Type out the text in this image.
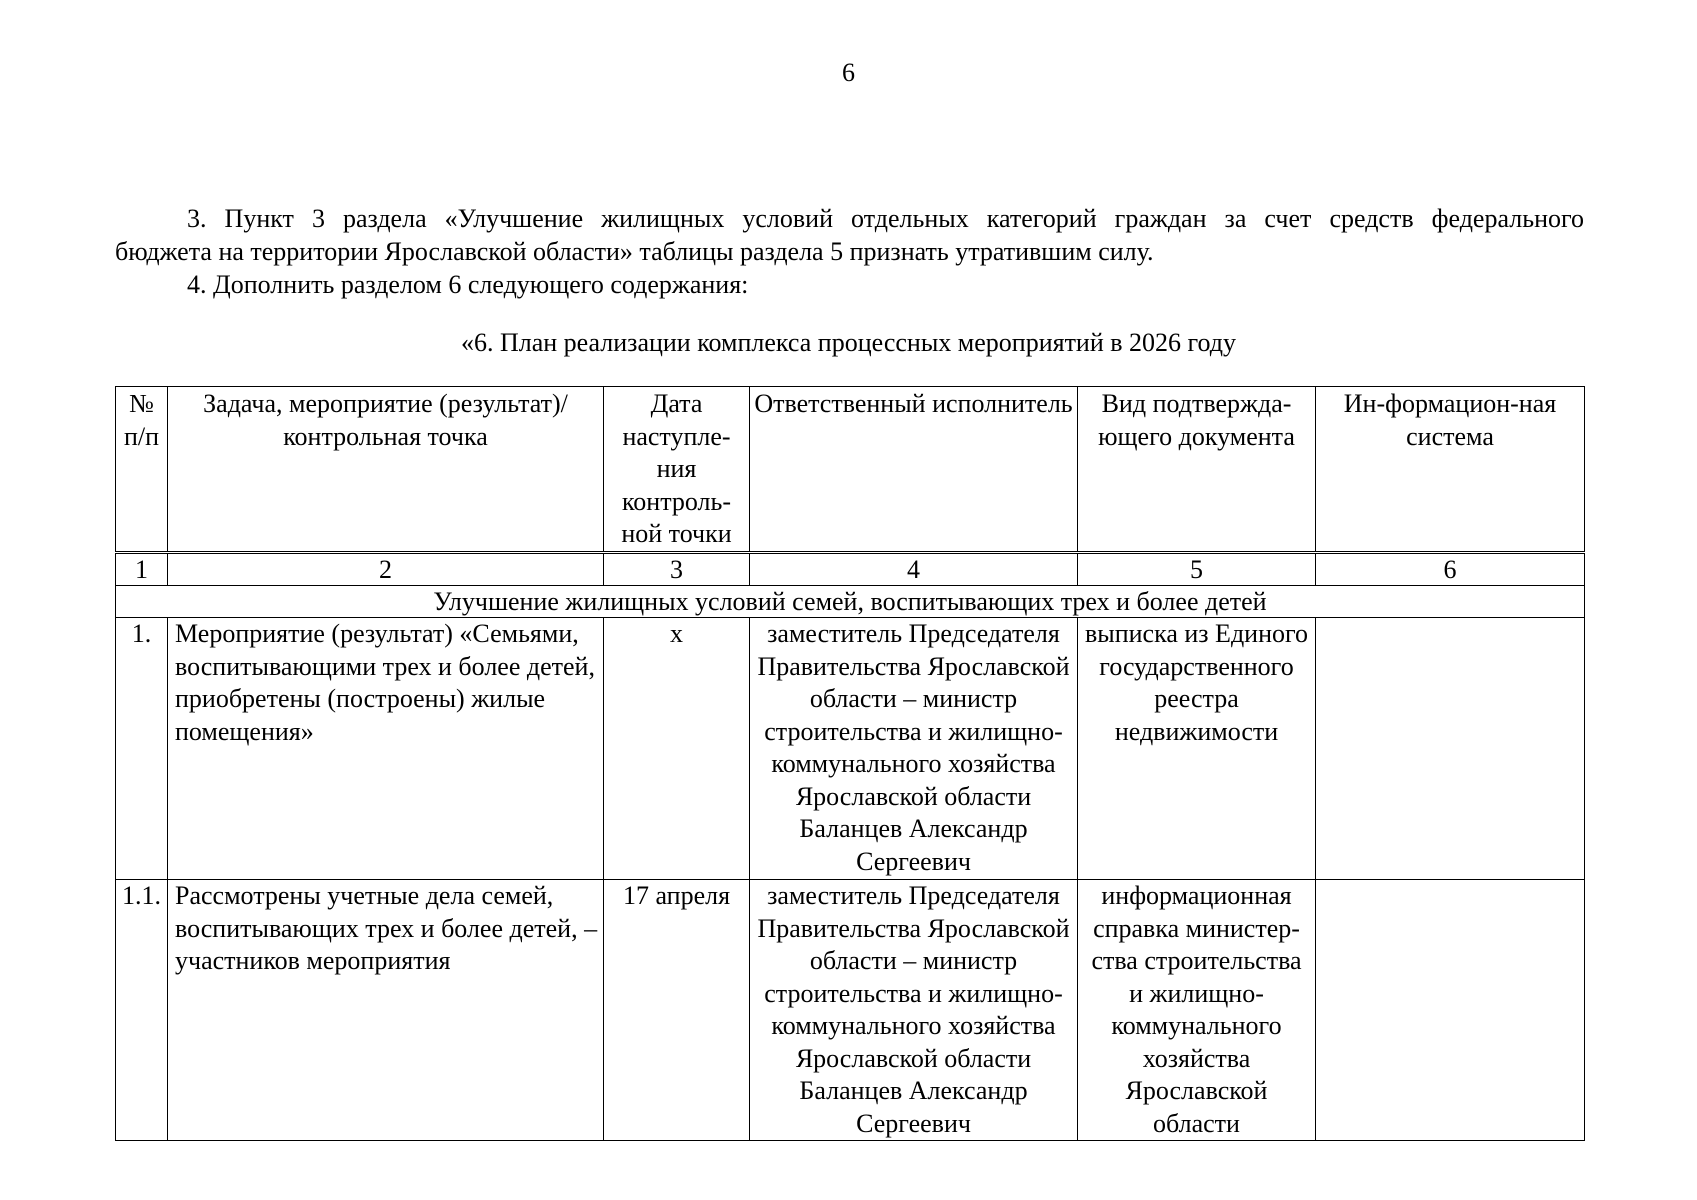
6
3. Пункт 3 раздела «Улучшение жилищных условий отдельных категорий граждан за счет средств федерального
бюджета на территории Ярославской области» таблицы раздела 5 признать утратившим силу.
4. Дополнить разделом 6 следующего содержания:
«6. План реализации комплекса процессных мероприятий в 2026 году
№ п/п	Задача, мероприятие (результат)/ контрольная точка	Дата наступле-ния контроль-ной точки	Ответственный исполнитель	Вид подтвержда-ющего документа	Ин-формацион-ная система
1	2	3	4	5	6
Улучшение жилищных условий семей, воспитывающих трех и более детей					
1.	Мероприятие (результат) «Семьями, воспитывающими трех и более детей, приобретены (построены) жилые помещения»	х	заместитель Председателя Правительства Ярославской области – министр строительства и жилищно-коммунального хозяйства Ярославской области Баланцев Александр Сергеевич	выписка из Единого государственного реестра недвижимости	
1.1.	Рассмотрены учетные дела семей, воспитывающих трех и более детей, – участников мероприятия	17 апреля	заместитель Председателя Правительства Ярославской области – министр строительства и жилищно-коммунального хозяйства Ярославской области Баланцев Александр Сергеевич	информационная справка министер-ства строительства и жилищно-коммунального хозяйства Ярославской области	
